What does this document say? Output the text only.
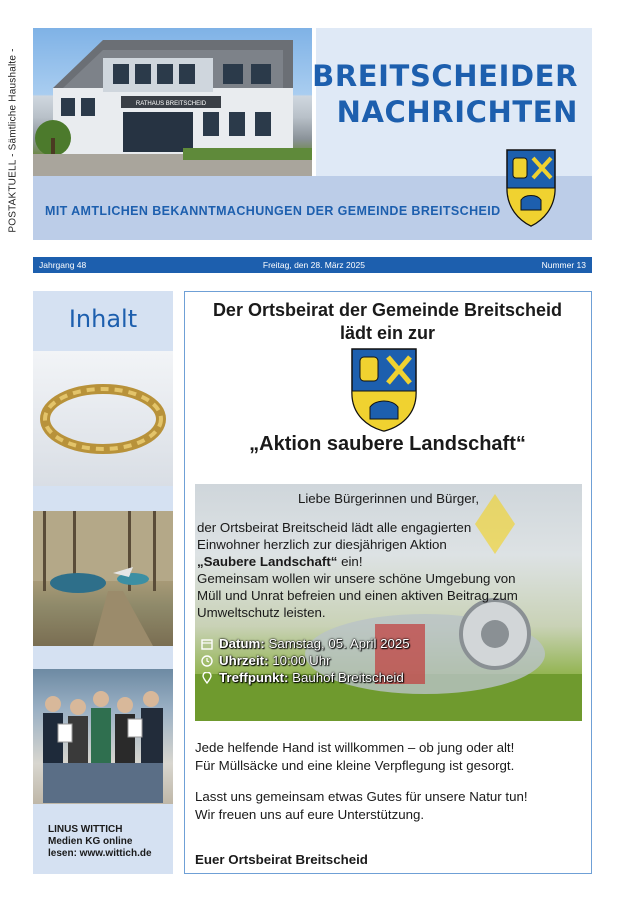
POSTAKTUELL - Sämtliche Haushalte -	RATHAUS BREITSCHEID
BREITSCHEIDER
NACHRICHTEN
MIT AMTLICHEN BEKANNTMACHUNGEN DER GEMEINDE BREITSCHEID
Jahrgang 48	Freitag, den 28. März 2025	Nummer 13
Inhalt
LINUS WITTICH
Medien KG online
lesen: www.wittich.de
Der Ortsbeirat der Gemeinde Breitscheid
lädt ein zur
„Aktion saubere Landschaft“
Liebe Bürgerinnen und Bürger,
der Ortsbeirat Breitscheid lädt alle engagierten
Einwohner herzlich zur diesjährigen Aktion
„Saubere Landschaft“ ein!
Gemeinsam wollen wir unsere schöne Umgebung von
Müll und Unrat befreien und einen aktiven Beitrag zum
Umweltschutz leisten.
Datum: Samstag, 05. April 2025
Uhrzeit: 10:00 Uhr
Treffpunkt: Bauhof Breitscheid
Jede helfende Hand ist willkommen – ob jung oder alt!
Für Müllsäcke und eine kleine Verpflegung ist gesorgt.
Lasst uns gemeinsam etwas Gutes für unsere Natur tun!
Wir freuen uns auf eure Unterstützung.
Euer Ortsbeirat Breitscheid
